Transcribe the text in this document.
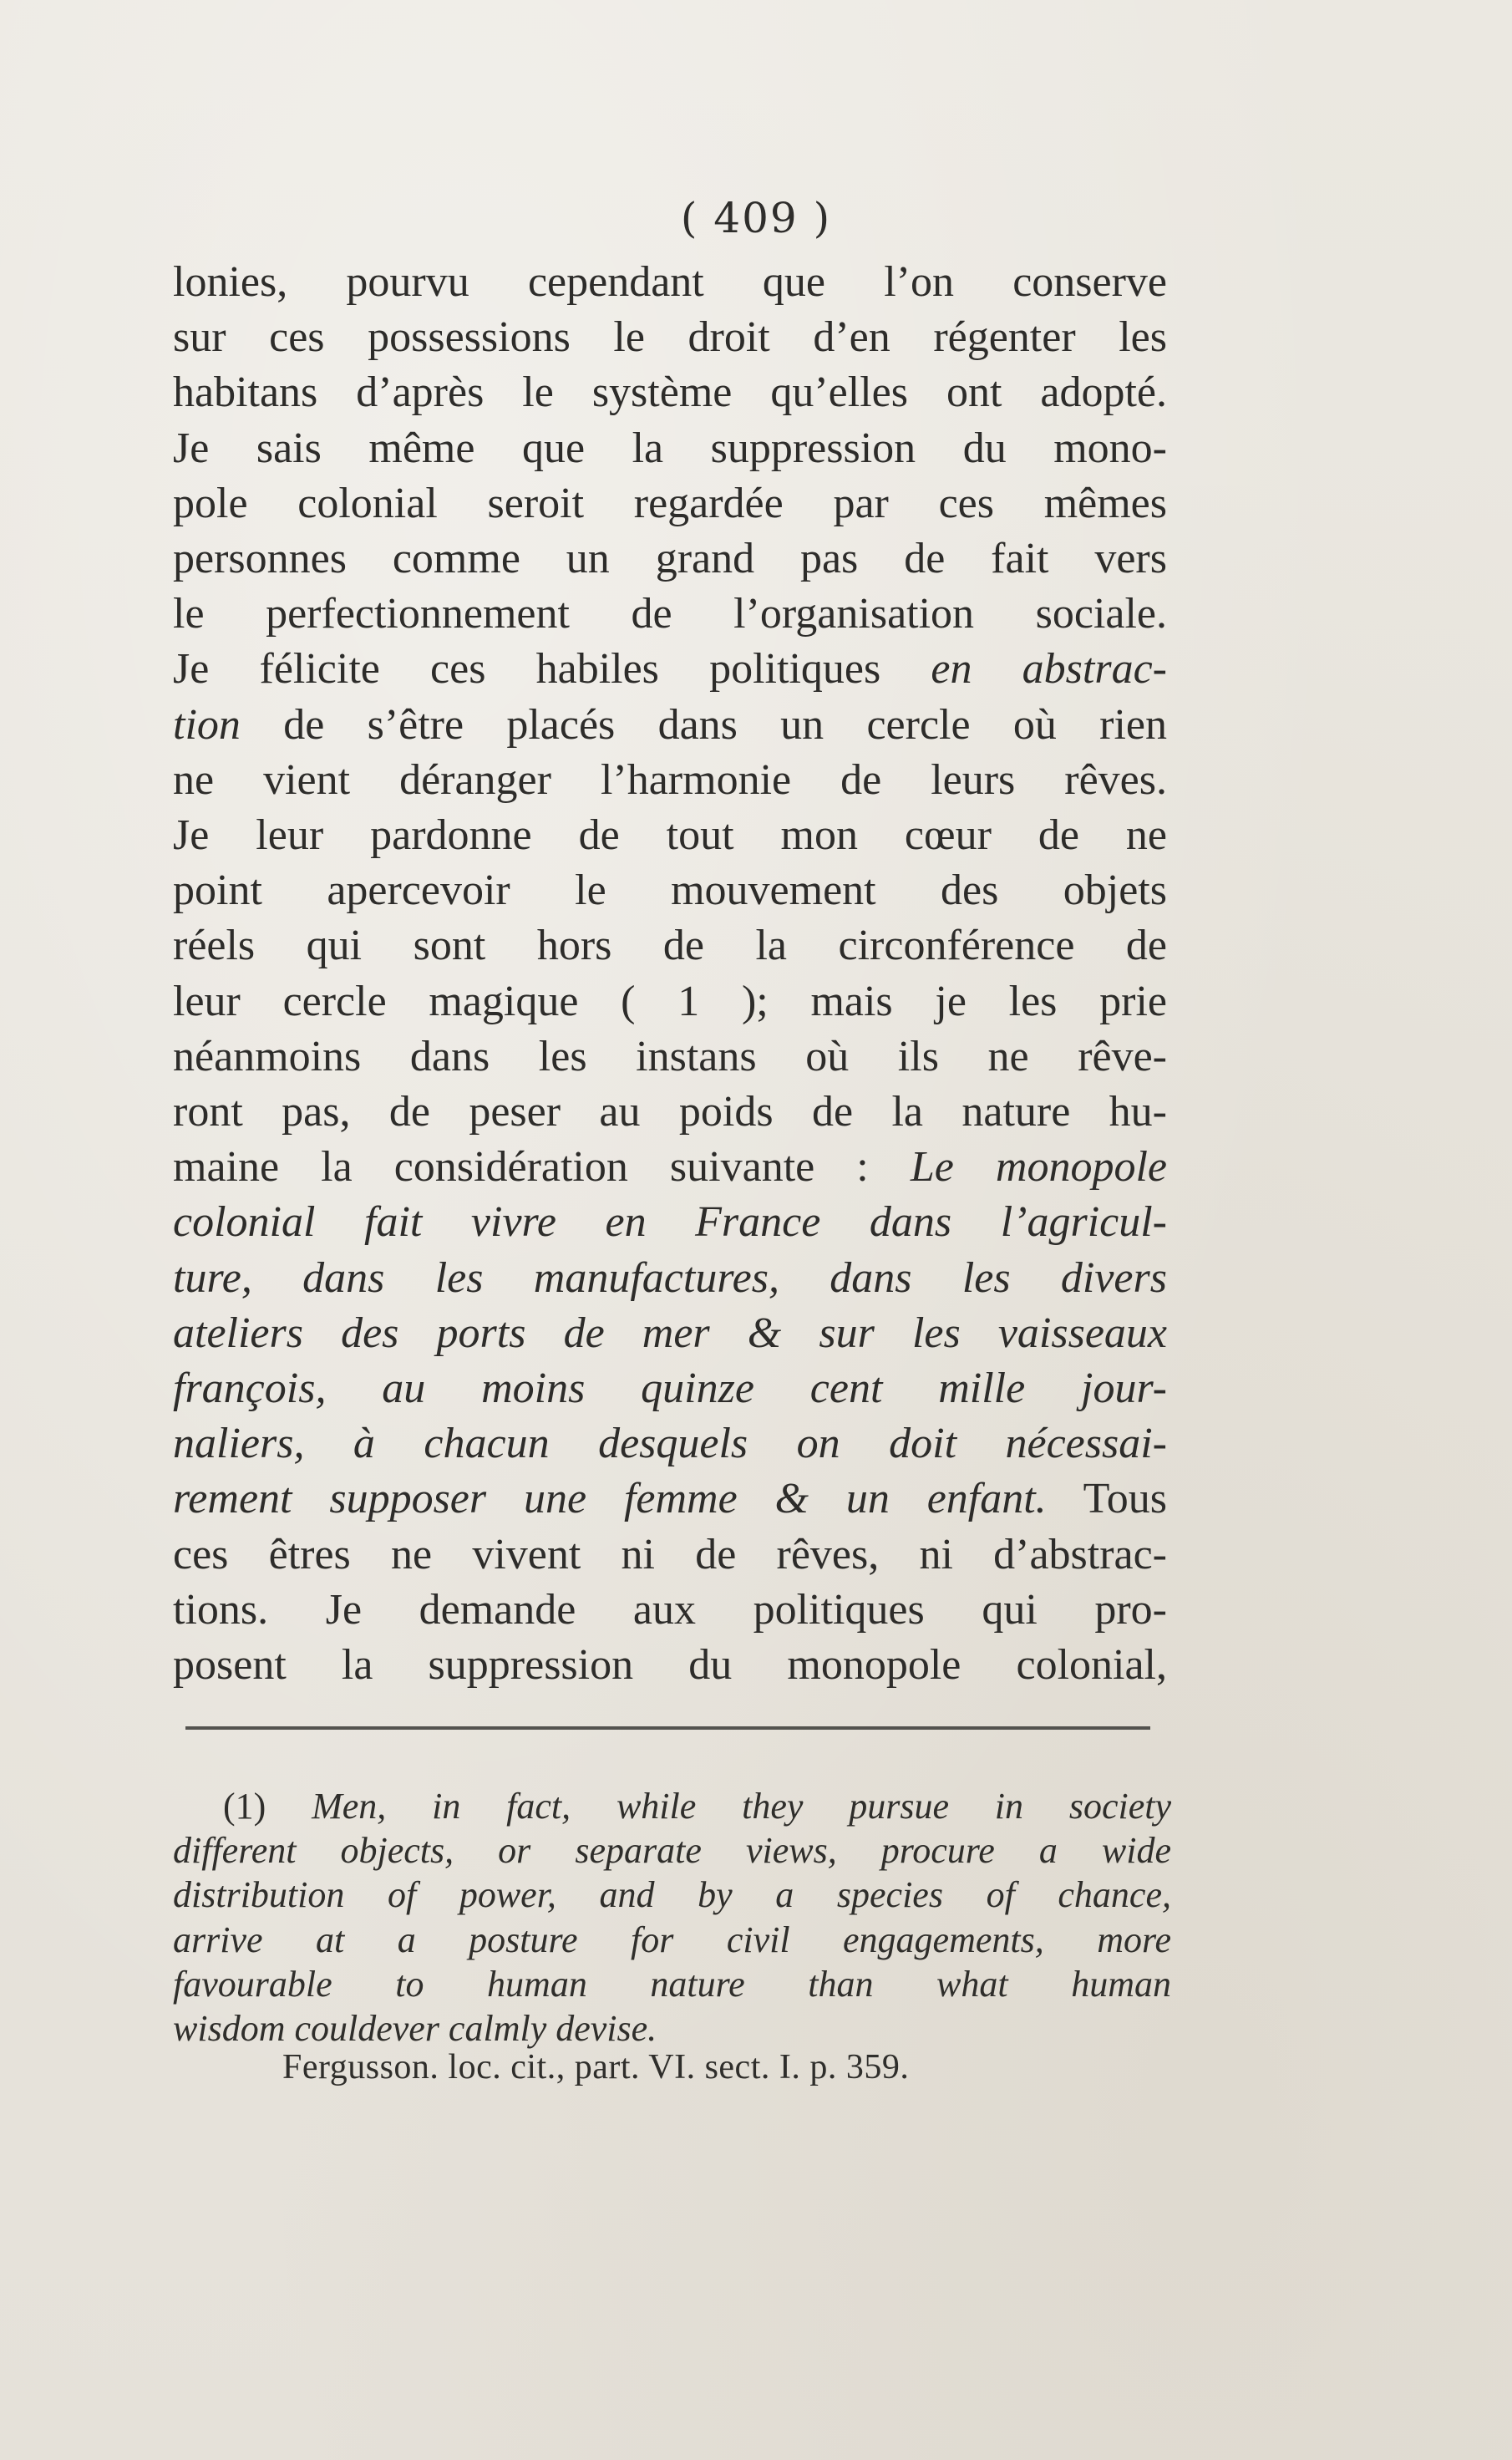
( 409 )
lonies, pourvu cependant que l’on conserve
sur ces possessions le droit d’en régenter les
habitans d’après le système qu’elles ont adopté.
Je sais même que la suppression du mono-
pole colonial seroit regardée par ces mêmes
personnes comme un grand pas de fait vers
le perfectionnement de l’organisation sociale.
Je félicite ces habiles politiques en abstrac-
tion de s’être placés dans un cercle où rien
ne vient déranger l’harmonie de leurs rêves.
Je leur pardonne de tout mon cœur de ne
point apercevoir le mouvement des objets
réels qui sont hors de la circonférence de
leur cercle magique ( 1 ); mais je les prie
néanmoins dans les instans où ils ne rêve-
ront pas, de peser au poids de la nature hu-
maine la considération suivante : Le monopole
colonial fait vivre en France dans l’agricul-
ture, dans les manufactures, dans les divers
ateliers des ports de mer & sur les vaisseaux
françois, au moins quinze cent mille jour-
naliers, à chacun desquels on doit nécessai-
rement supposer une femme & un enfant. Tous
ces êtres ne vivent ni de rêves, ni d’abstrac-
tions. Je demande aux politiques qui pro-
posent la suppression du monopole colonial,
(1) Men, in fact, while they pursue in society
different objects, or separate views, procure a wide
distribution of power, and by a species of chance,
arrive at a posture for civil engagements, more
favourable to human nature than what human
wisdom couldever calmly devise.
Fergusson. loc. cit., part. VI. sect. I. p. 359.
